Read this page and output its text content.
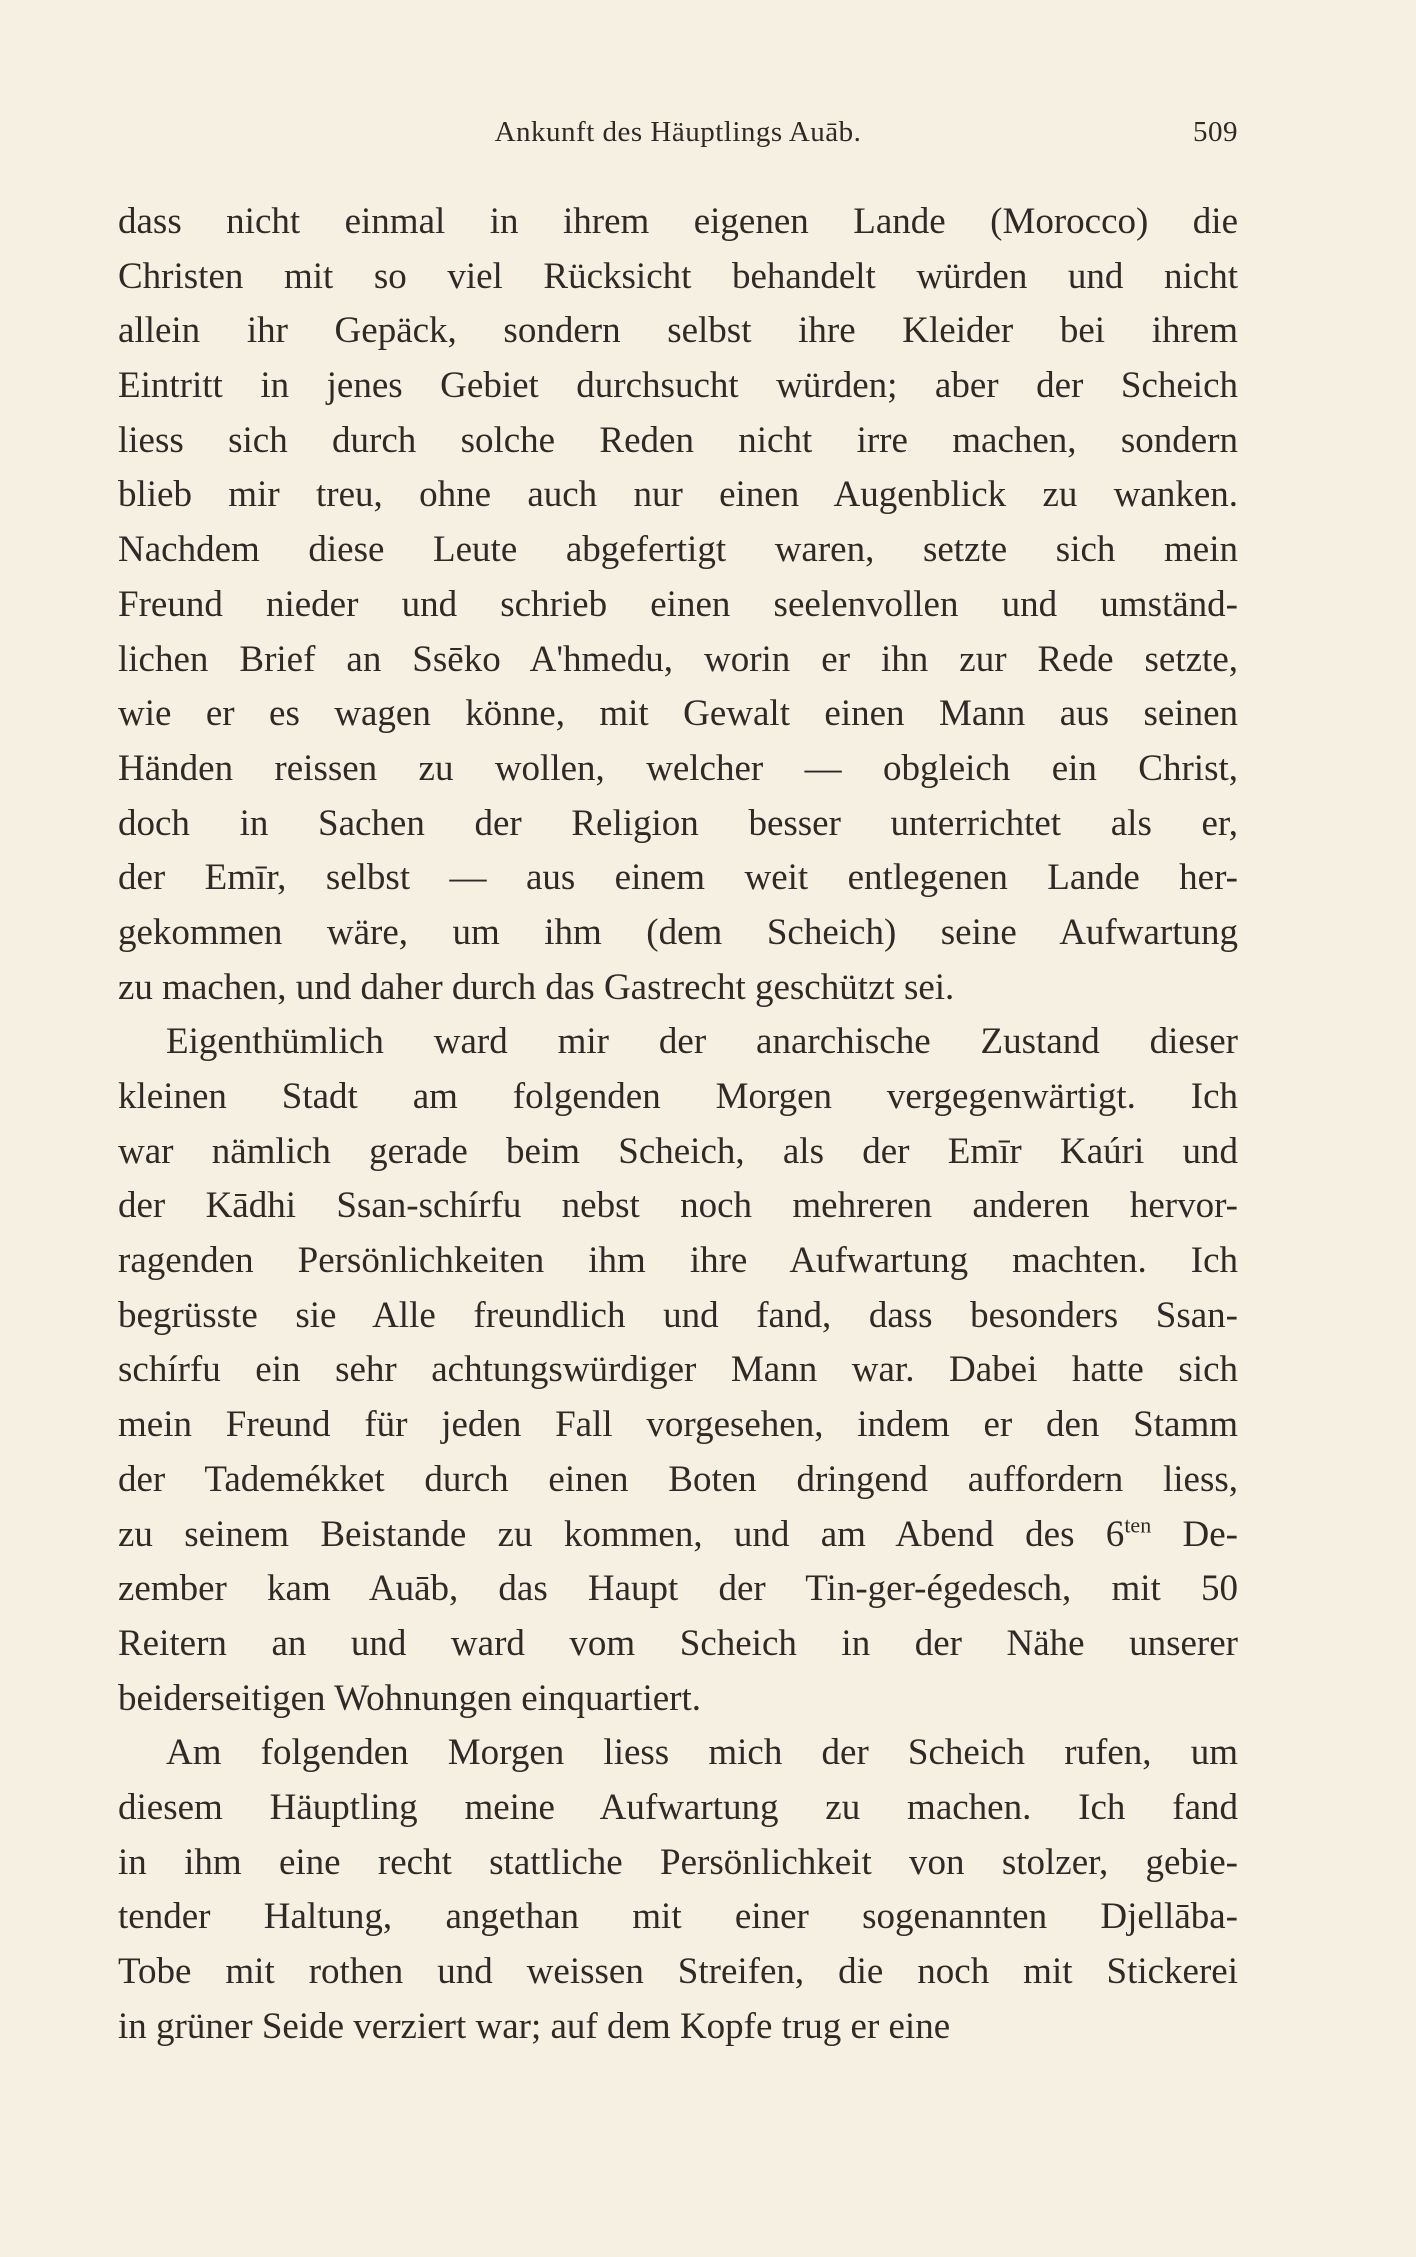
Ankunft des Häuptlings Auāb.	509
dass nicht einmal in ihrem eigenen Lande (Morocco) die
Christen mit so viel Rücksicht behandelt würden und nicht
allein ihr Gepäck, sondern selbst ihre Kleider bei ihrem
Eintritt in jenes Gebiet durchsucht würden; aber der Scheich
liess sich durch solche Reden nicht irre machen, sondern
blieb mir treu, ohne auch nur einen Augenblick zu wanken.
Nachdem diese Leute abgefertigt waren, setzte sich mein
Freund nieder und schrieb einen seelenvollen und umständ-
lichen Brief an Ssēko A'hmedu, worin er ihn zur Rede setzte,
wie er es wagen könne, mit Gewalt einen Mann aus seinen
Händen reissen zu wollen, welcher — obgleich ein Christ,
doch in Sachen der Religion besser unterrichtet als er,
der Emīr, selbst — aus einem weit entlegenen Lande her-
gekommen wäre, um ihm (dem Scheich) seine Aufwartung
zu machen, und daher durch das Gastrecht geschützt sei.
Eigenthümlich ward mir der anarchische Zustand dieser
kleinen Stadt am folgenden Morgen vergegenwärtigt. Ich
war nämlich gerade beim Scheich, als der Emīr Kaúri und
der Kādhi Ssan-schírfu nebst noch mehreren anderen hervor-
ragenden Persönlichkeiten ihm ihre Aufwartung machten. Ich
begrüsste sie Alle freundlich und fand, dass besonders Ssan-
schírfu ein sehr achtungswürdiger Mann war. Dabei hatte sich
mein Freund für jeden Fall vorgesehen, indem er den Stamm
der Tademékket durch einen Boten dringend auffordern liess,
zu seinem Beistande zu kommen, und am Abend des $6^{ten}$ De-
zember kam Auāb, das Haupt der Tin-ger-égedesch, mit 50
Reitern an und ward vom Scheich in der Nähe unserer
beiderseitigen Wohnungen einquartiert.
Am folgenden Morgen liess mich der Scheich rufen, um
diesem Häuptling meine Aufwartung zu machen. Ich fand
in ihm eine recht stattliche Persönlichkeit von stolzer, gebie-
tender Haltung, angethan mit einer sogenannten Djellāba-
Tobe mit rothen und weissen Streifen, die noch mit Stickerei
in grüner Seide verziert war; auf dem Kopfe trug er eine
